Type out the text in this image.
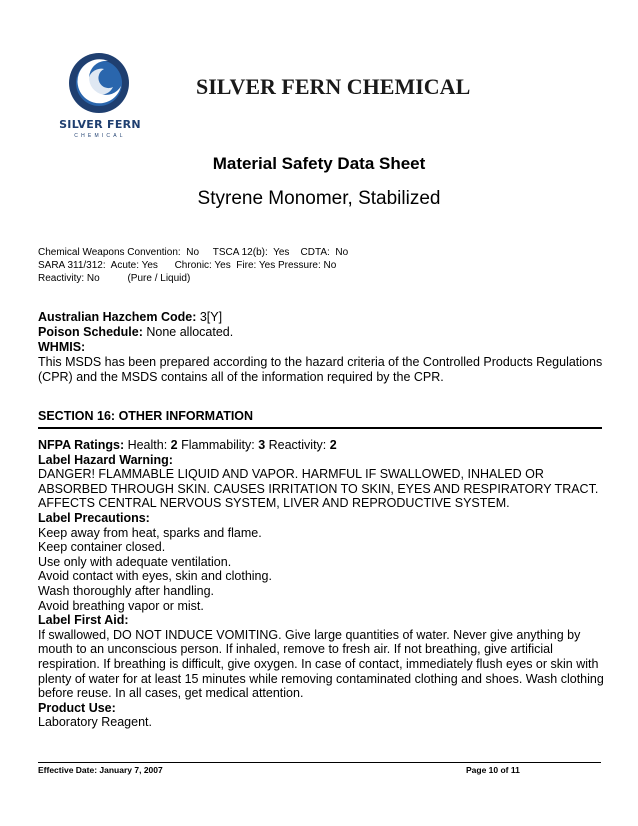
SILVER FERN
CHEMICAL
SILVER FERN CHEMICAL
Material Safety Data Sheet
Styrene Monomer, Stabilized
Chemical Weapons Convention:  No     TSCA 12(b):  Yes    CDTA:  No
SARA 311/312:  Acute: Yes      Chronic: Yes  Fire: Yes Pressure: No
Reactivity: No          (Pure / Liquid)
Australian Hazchem Code: 3[Y]
Poison Schedule: None allocated.
WHMIS:
This MSDS has been prepared according to the hazard criteria of the Controlled Products Regulations (CPR) and the MSDS contains all of the information required by the CPR.
SECTION 16: OTHER INFORMATION

NFPA Ratings: Health: 2 Flammability: 3 Reactivity: 2

Label Hazard Warning:

DANGER! FLAMMABLE LIQUID AND VAPOR. HARMFUL IF SWALLOWED, INHALED OR ABSORBED THROUGH SKIN. CAUSES IRRITATION TO SKIN, EYES AND RESPIRATORY TRACT. AFFECTS CENTRAL NERVOUS SYSTEM, LIVER AND REPRODUCTIVE SYSTEM.

Label Precautions:

Keep away from heat, sparks and flame.

Keep container closed.

Use only with adequate ventilation.

Avoid contact with eyes, skin and clothing.

Wash thoroughly after handling.

Avoid breathing vapor or mist.

Label First Aid:

If swallowed, DO NOT INDUCE VOMITING. Give large quantities of water. Never give anything by mouth to an unconscious person. If inhaled, remove to fresh air. If not breathing, give artificial respiration. If breathing is difficult, give oxygen. In case of contact, immediately flush eyes or skin with plenty of water for at least 15 minutes while removing contaminated clothing and shoes. Wash clothing before reuse. In all cases, get medical attention.

Product Use:

Laboratory Reagent.

Effective Date: January 7, 2007	Page 10 of 11
